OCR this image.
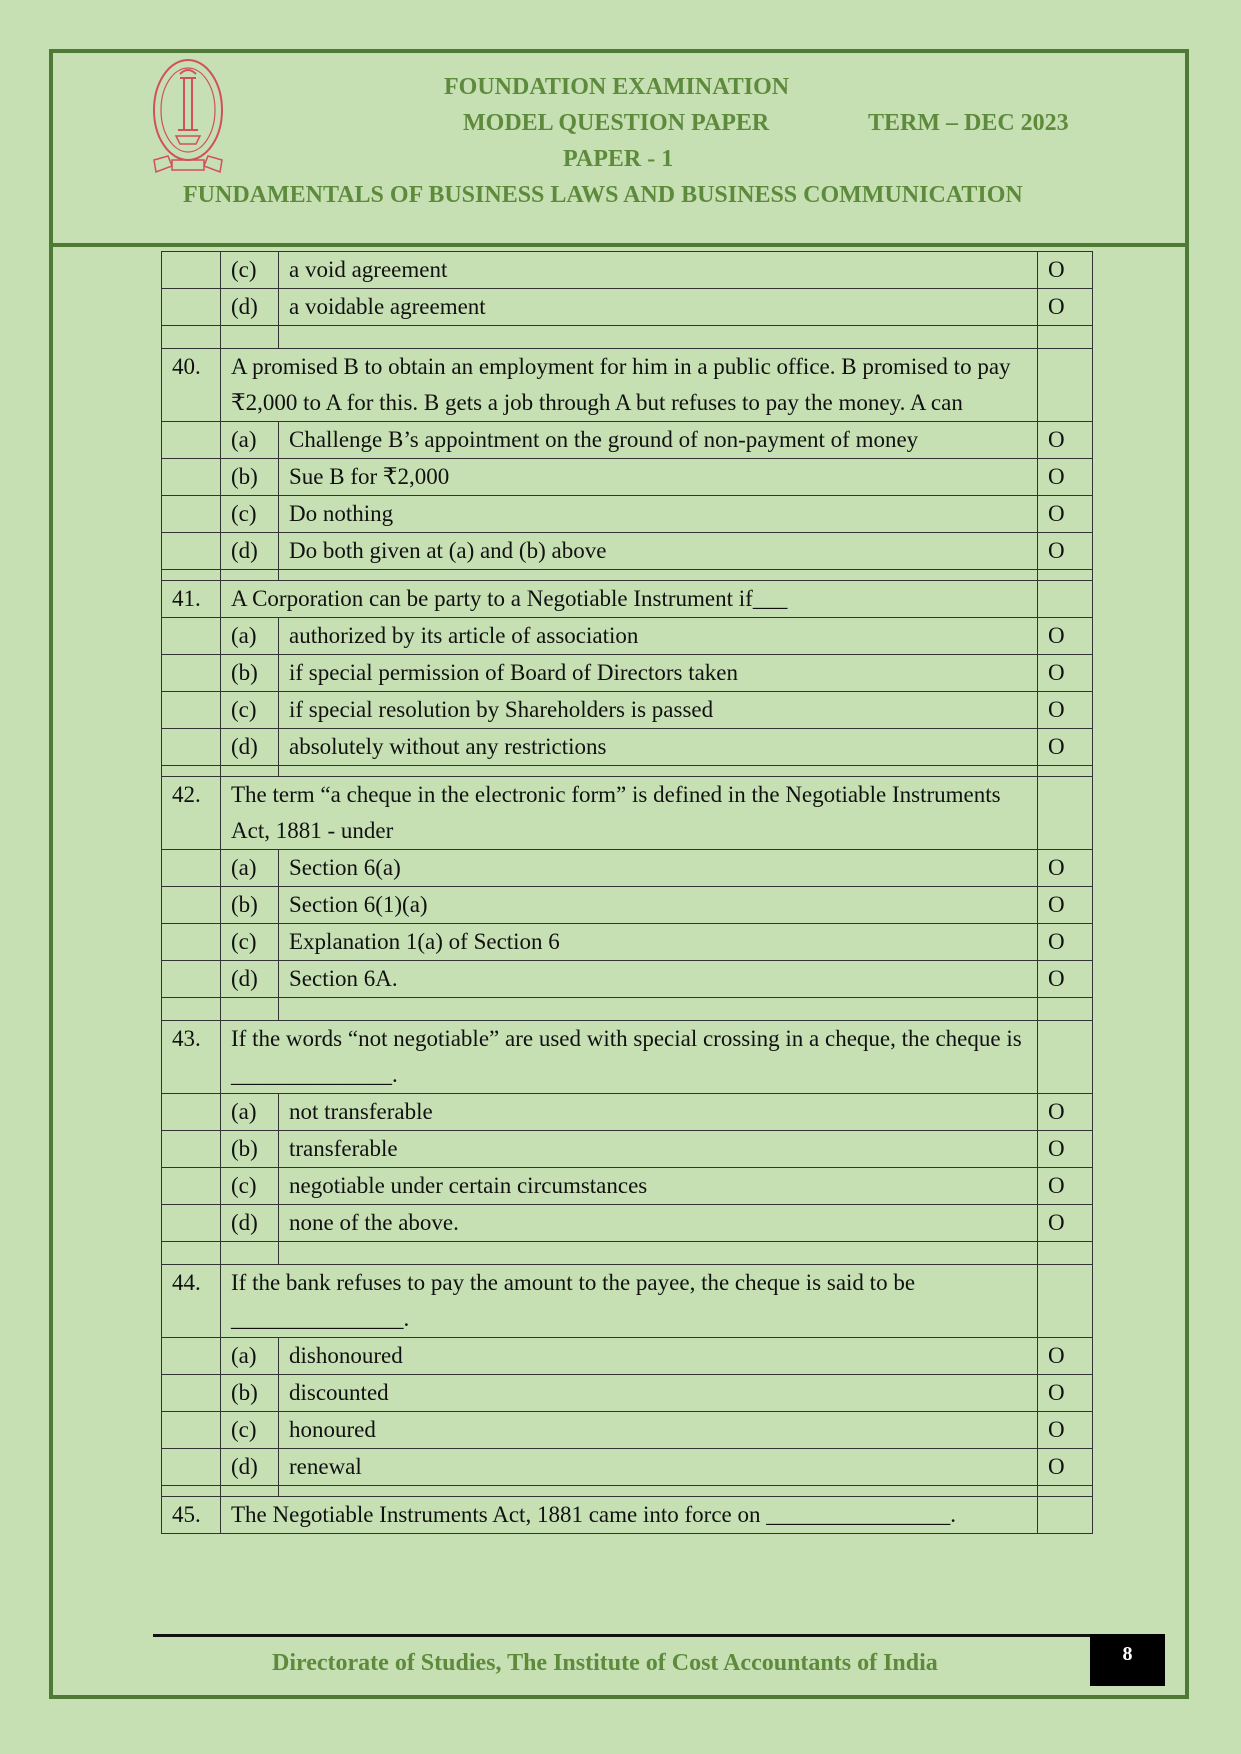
FOUNDATION EXAMINATION
MODEL QUESTION PAPER	TERM – DEC 2023
PAPER - 1
FUNDAMENTALS OF BUSINESS LAWS AND BUSINESS COMMUNICATION
	(c)	a void agreement	O
	(d)	a voidable agreement	O

40.	A promised B to obtain an employment for him in a public office. B promised to pay ₹2,000 to A for this. B gets a job through A but refuses to pay the money. A can		
	(a)	Challenge B’s appointment on the ground of non-payment of money	O
	(b)	Sue B for ₹2,000	O
	(c)	Do nothing	O
	(d)	Do both given at (a) and (b) above	O

41.	A Corporation can be party to a Negotiable Instrument if___		
	(a)	authorized by its article of association	O
	(b)	if special permission of Board of Directors taken	O
	(c)	if special resolution by Shareholders is passed	O
	(d)	absolutely without any restrictions	O

42.	The term “a cheque in the electronic form” is defined in the Negotiable Instruments Act, 1881 - under		
	(a)	Section 6(a)	O
	(b)	Section 6(1)(a)	O
	(c)	Explanation 1(a) of Section 6	O
	(d)	Section 6A.	O

43.	If the words “not negotiable” are used with special crossing in a cheque, the cheque is ______________.		
	(a)	not transferable	O
	(b)	transferable	O
	(c)	negotiable under certain circumstances	O
	(d)	none of the above.	O

44.	If the bank refuses to pay the amount to the payee, the cheque is said to be _______________.		
	(a)	dishonoured	O
	(b)	discounted	O
	(c)	honoured	O
	(d)	renewal	O

45.	The Negotiable Instruments Act, 1881 came into force on ________________.		
Directorate of Studies, The Institute of Cost Accountants of India	8
